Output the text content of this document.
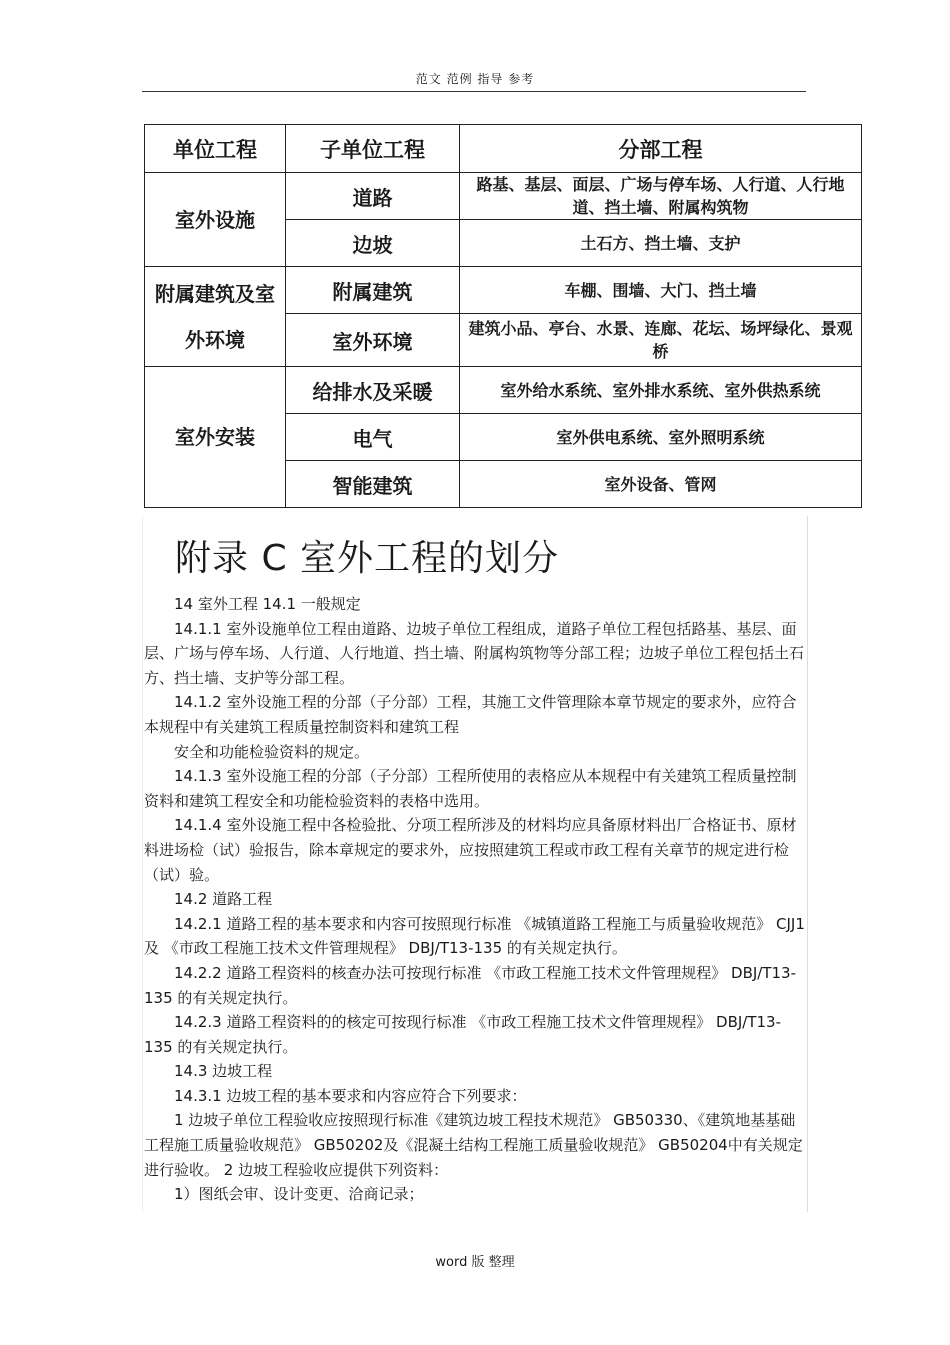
范文 范例 指导 参考
单位工程	子单位工程	分部工程
室外设施	道路	路基、基层、面层、广场与停车场、人行道、人行地道、挡土墙、附属构筑物
	边坡	土石方、挡土墙、支护
附属建筑及室外环境	附属建筑	车棚、围墙、大门、挡土墙
	室外环境	建筑小品、亭台、水景、连廊、花坛、场坪绿化、景观桥
室外安装	给排水及采暖	室外给水系统、室外排水系统、室外供热系统
	电气	室外供电系统、室外照明系统
	智能建筑	室外设备、管网
附录 C 室外工程的划分

14 室外工程 14.1 一般规定

14.1.1 室外设施单位工程由道路、边坡子单位工程组成，道路子单位工程包括路基、基层、面层、广场与停车场、人行道、人行地道、挡土墙、附属构筑物等分部工程；边坡子单位工程包括土石方、挡土墙、支护等分部工程。

14.1.2 室外设施工程的分部（子分部）工程，其施工文件管理除本章节规定的要求外，应符合本规程中有关建筑工程质量控制资料和建筑工程

安全和功能检验资料的规定。

14.1.3 室外设施工程的分部（子分部）工程所使用的表格应从本规程中有关建筑工程质量控制资料和建筑工程安全和功能检验资料的表格中选用。

14.1.4 室外设施工程中各检验批、分项工程所涉及的材料均应具备原材料出厂合格证书、原材料进场检（试）验报告，除本章规定的要求外，应按照建筑工程或市政工程有关章节的规定进行检（试）验。

14.2 道路工程

14.2.1 道路工程的基本要求和内容可按照现行标准 《城镇道路工程施工与质量验收规范》 CJJ1 及 《市政工程施工技术文件管理规程》 DBJ/T13-135 的有关规定执行。

14.2.2 道路工程资料的核查办法可按现行标准 《市政工程施工技术文件管理规程》 DBJ/T13-135 的有关规定执行。

14.2.3 道路工程资料的的核定可按现行标准 《市政工程施工技术文件管理规程》 DBJ/T13-135 的有关规定执行。

14.3 边坡工程

14.3.1 边坡工程的基本要求和内容应符合下列要求：

1 边坡子单位工程验收应按照现行标准《建筑边坡工程技术规范》 GB50330、《建筑地基基础工程施工质量验收规范》 GB50202及《混凝土结构工程施工质量验收规范》 GB50204中有关规定进行验收。 2 边坡工程验收应提供下列资料：

1）图纸会审、设计变更、洽商记录；

word 版 整理
